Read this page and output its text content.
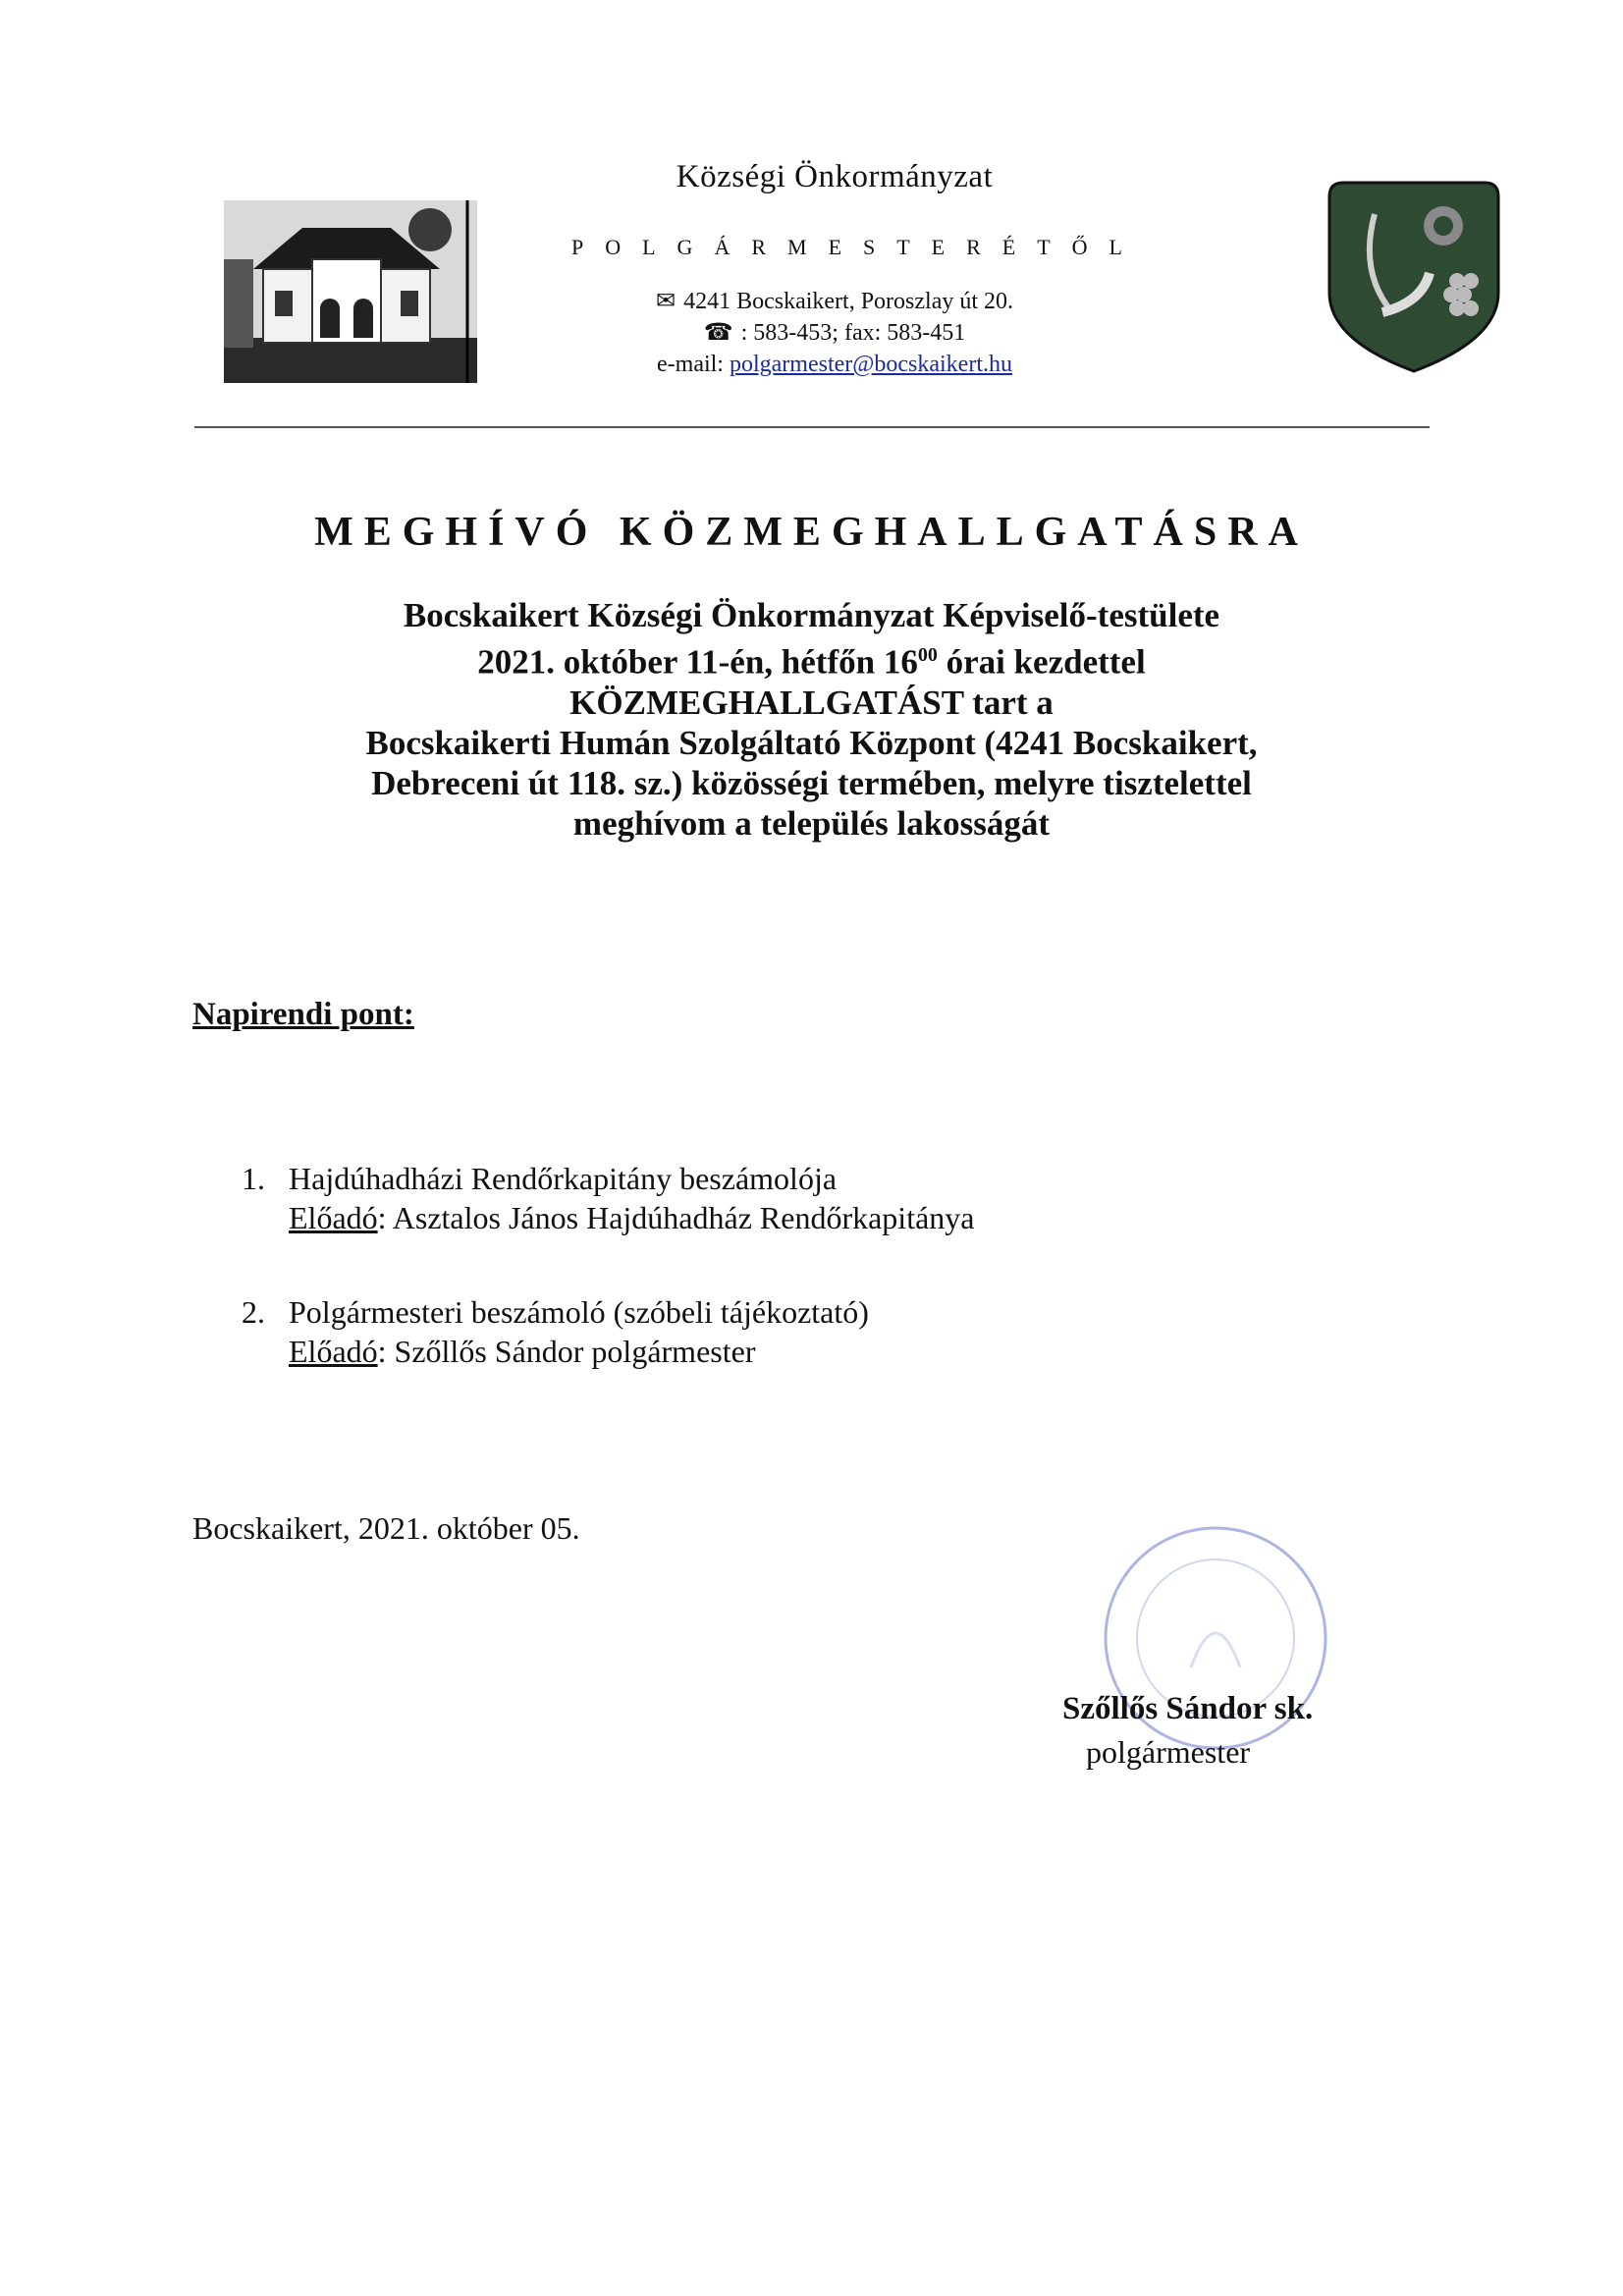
Községi Önkormányzat
POLGÁRMESTERÉTŐL
✉ 4241 Bocskaikert, Poroszlay út 20.
☎ : 583-453; fax: 583-451
e-mail: polgarmester@bocskaikert.hu
MEGHÍVÓ KÖZMEGHALLGATÁSRA
Bocskaikert Községi Önkormányzat Képviselő-testülete
2021. október 11-én, hétfőn $16^{00}$ órai kezdettel
KÖZMEGHALLGATÁST tart a
Bocskaikerti Humán Szolgáltató Központ (4241 Bocskaikert,
Debreceni út 118. sz.) közösségi termében, melyre tisztelettel
meghívom a település lakosságát
Napirendi pont:
1. Hajdúhadházi Rendőrkapitány beszámolója
Előadó: Asztalos János Hajdúhadház Rendőrkapitánya
2. Polgármesteri beszámoló (szóbeli tájékoztató)
Előadó: Szőllős Sándor polgármester
Bocskaikert, 2021. október 05.
Szőllős Sándor sk.
polgármester
